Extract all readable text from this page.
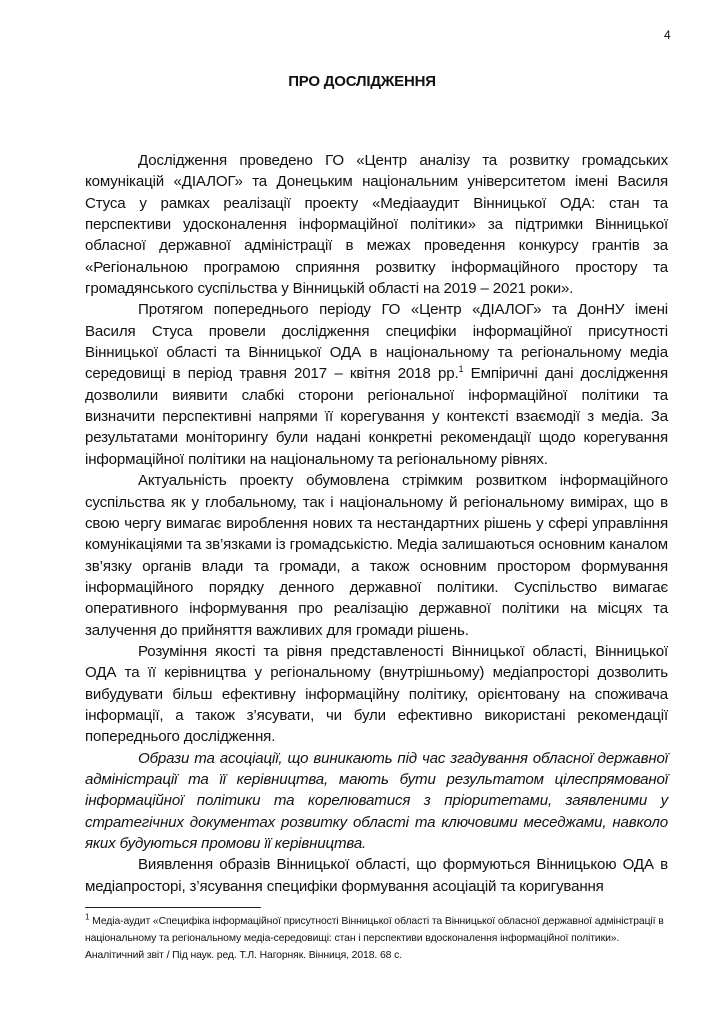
4
ПРО ДОСЛІДЖЕННЯ

Дослідження проведено ГО «Центр аналізу та розвитку громадських комунікацій «ДІАЛОГ» та Донецьким національним університетом імені Василя Стуса у рамках реалізації проекту «Медіааудит Вінницької ОДА: стан та перспективи удосконалення інформаційної політики» за підтримки Вінницької обласної державної адміністрації в межах проведення конкурсу грантів за «Регіональною програмою сприяння розвитку інформаційного простору та громадянського суспільства у Вінницькій області на 2019 – 2021 роки».

Протягом попереднього періоду ГО «Центр «ДІАЛОГ» та ДонНУ імені Василя Стуса провели дослідження специфіки інформаційної присутності Вінницької області та Вінницької ОДА в національному та регіональному медіа середовищі в період травня 2017 – квітня 2018 рр.$^1$ Емпіричні дані дослідження дозволили виявити слабкі сторони регіональної інформаційної політики та визначити перспективні напрями її корегування у контексті взаємодії з медіа. За результатами моніторингу були надані конкретні рекомендації щодо корегування інформаційної політики на національному та регіональному рівнях.

Актуальність проекту обумовлена стрімким розвитком інформаційного суспільства як у глобальному, так і національному й регіональному вимірах, що в свою чергу вимагає вироблення нових та нестандартних рішень у сфері управління комунікаціями та зв’язками із громадськістю. Медіа залишаються основним каналом зв’язку органів влади та громади, а також основним простором формування інформаційного порядку денного державної політики. Суспільство вимагає оперативного інформування про реалізацію державної політики на місцях та залучення до прийняття важливих для громади рішень.

Розуміння якості та рівня представленості Вінницької області, Вінницької ОДА та її керівництва у регіональному (внутрішньому) медіапросторі дозволить вибудувати більш ефективну інформаційну політику, орієнтовану на споживача інформації, а також з’ясувати, чи були ефективно використані рекомендації попереднього дослідження.

Образи та асоціації, що виникають під час згадування обласної державної адміністрації та її керівництва, мають бути результатом цілеспрямованої інформаційної політики та корелюватися з пріоритетами, заявленими у стратегічних документах розвитку області та ключовими меседжами, навколо яких будуються промови її керівництва.

Виявлення образів Вінницької області, що формуються Вінницькою ОДА в медіапросторі, з’ясування специфіки формування асоціацій та коригування

$^1$ Медіа-аудит «Специфіка інформаційної присутності Вінницької області та Вінницької обласної державної адміністрації в національному та регіональному медіа-середовищі: стан і перспективи вдосконалення інформаційної політики». Аналітичний звіт / Під наук. ред. Т.Л. Нагорняк. Вінниця, 2018. 68 с.
